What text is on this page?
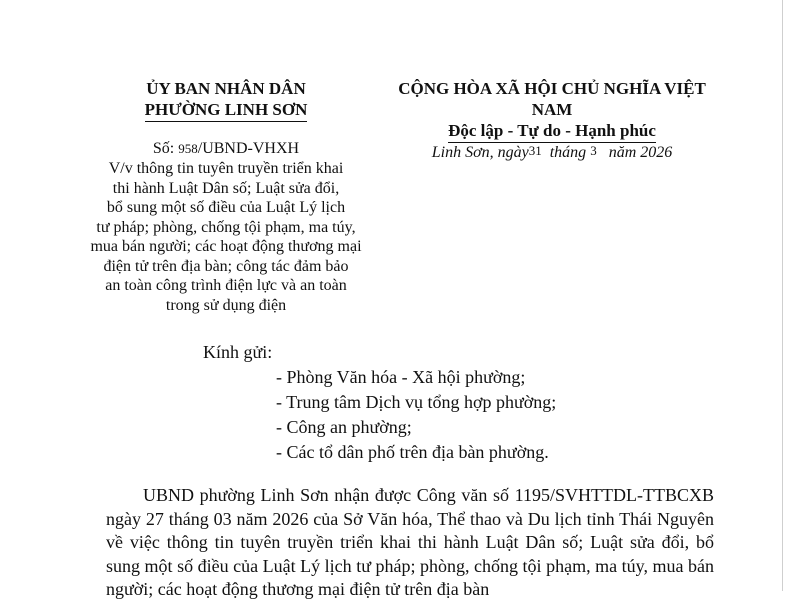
ỦY BAN NHÂN DÂN
PHƯỜNG LINH SƠN
CỘNG HÒA XÃ HỘI CHỦ NGHĨA VIỆT NAM
Độc lập - Tự do - Hạnh phúc
Số: 958/UBND-VHXH
V/v thông tin tuyên truyền triển khai
thi hành Luật Dân số; Luật sửa đổi,
bổ sung một số điều của Luật Lý lịch
tư pháp; phòng, chống tội phạm, ma túy,
mua bán người; các hoạt động thương mại
điện tử trên địa bàn; công tác đảm bảo
an toàn công trình điện lực và an toàn
trong sử dụng điện
Linh Sơn, ngày31 tháng 3 năm 2026
Kính gửi:
- Phòng Văn hóa - Xã hội phường;
- Trung tâm Dịch vụ tổng hợp phường;
- Công an phường;
- Các tổ dân phố trên địa bàn phường.
UBND phường Linh Sơn nhận được Công văn số 1195/SVHTTDL-TTBCXB ngày 27 tháng 03 năm 2026 của Sở Văn hóa, Thể thao và Du lịch tỉnh Thái Nguyên về việc thông tin tuyên truyền triển khai thi hành Luật Dân số; Luật sửa đổi, bổ sung một số điều của Luật Lý lịch tư pháp; phòng, chống tội phạm, ma túy, mua bán người; các hoạt động thương mại điện tử trên địa bàn
